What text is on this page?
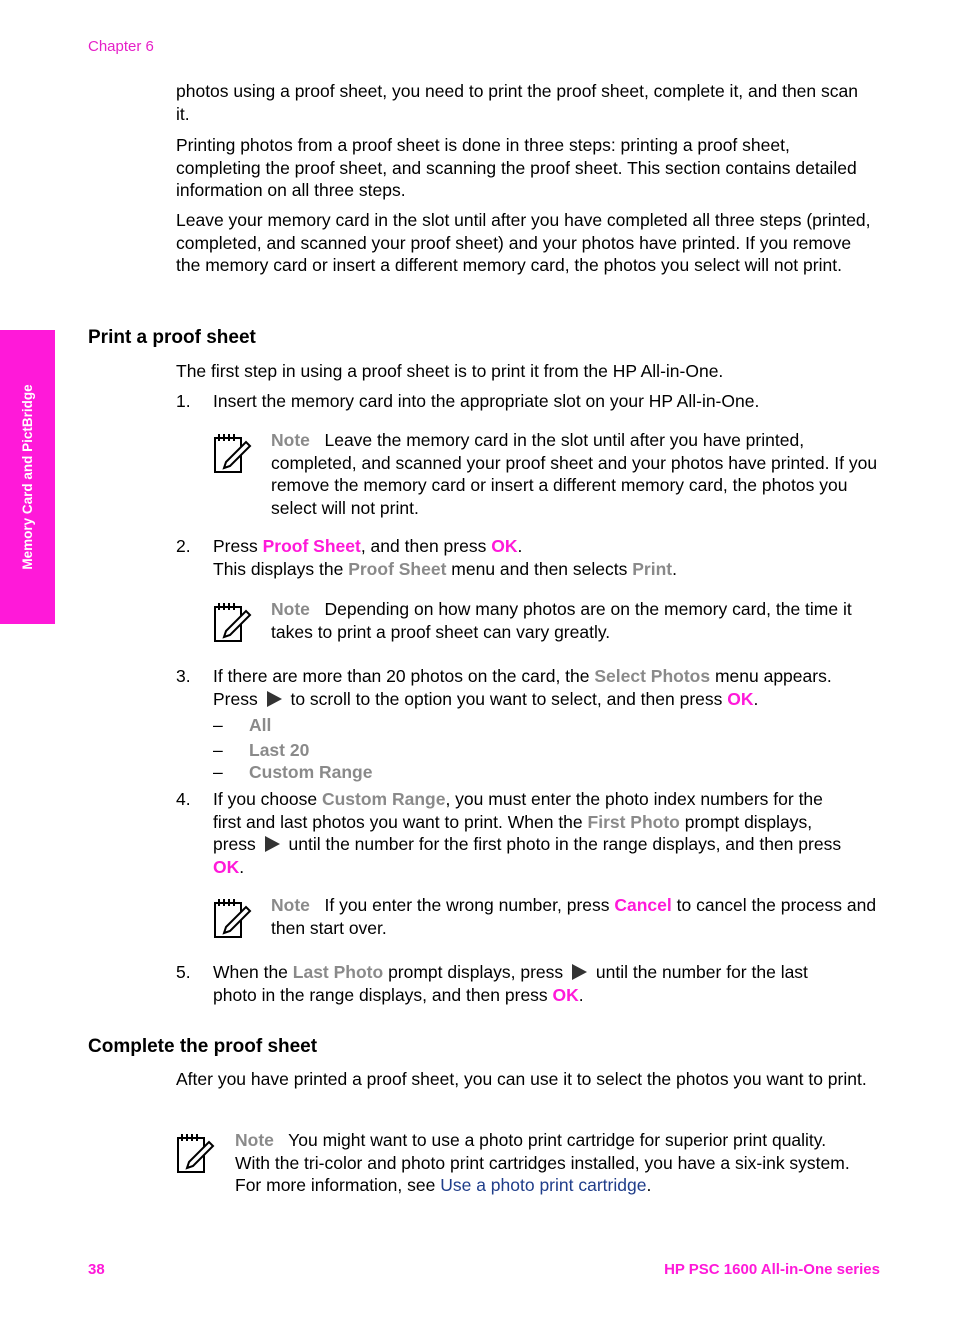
Chapter 6
Memory Card and PictBridge
photos using a proof sheet, you need to print the proof sheet, complete it, and then scan it.
Printing photos from a proof sheet is done in three steps: printing a proof sheet, completing the proof sheet, and scanning the proof sheet. This section contains detailed information on all three steps.
Leave your memory card in the slot until after you have completed all three steps (printed, completed, and scanned your proof sheet) and your photos have printed. If you remove the memory card or insert a different memory card, the photos you select will not print.
Print a proof sheet
The first step in using a proof sheet is to print it from the HP All-in-One.
1. Insert the memory card into the appropriate slot on your HP All-in-One.
Note Leave the memory card in the slot until after you have printed, completed, and scanned your proof sheet and your photos have printed. If you remove the memory card or insert a different memory card, the photos you select will not print.
2. Press Proof Sheet, and then press OK.
This displays the Proof Sheet menu and then selects Print.
Note Depending on how many photos are on the memory card, the time it takes to print a proof sheet can vary greatly.
3. If there are more than 20 photos on the card, the Select Photos menu appears.
Press  to scroll to the option you want to select, and then press OK.
– All
– Last 20
– Custom Range
4. If you choose Custom Range, you must enter the photo index numbers for the
first and last photos you want to print. When the First Photo prompt displays,
press  until the number for the first photo in the range displays, and then press
OK.
Note If you enter the wrong number, press Cancel to cancel the process and then start over.
5. When the Last Photo prompt displays, press  until the number for the last
photo in the range displays, and then press OK.
Complete the proof sheet
After you have printed a proof sheet, you can use it to select the photos you want to print.
Note You might want to use a photo print cartridge for superior print quality. With the tri-color and photo print cartridges installed, you have a six-ink system. For more information, see Use a photo print cartridge.
38	HP PSC 1600 All-in-One series
